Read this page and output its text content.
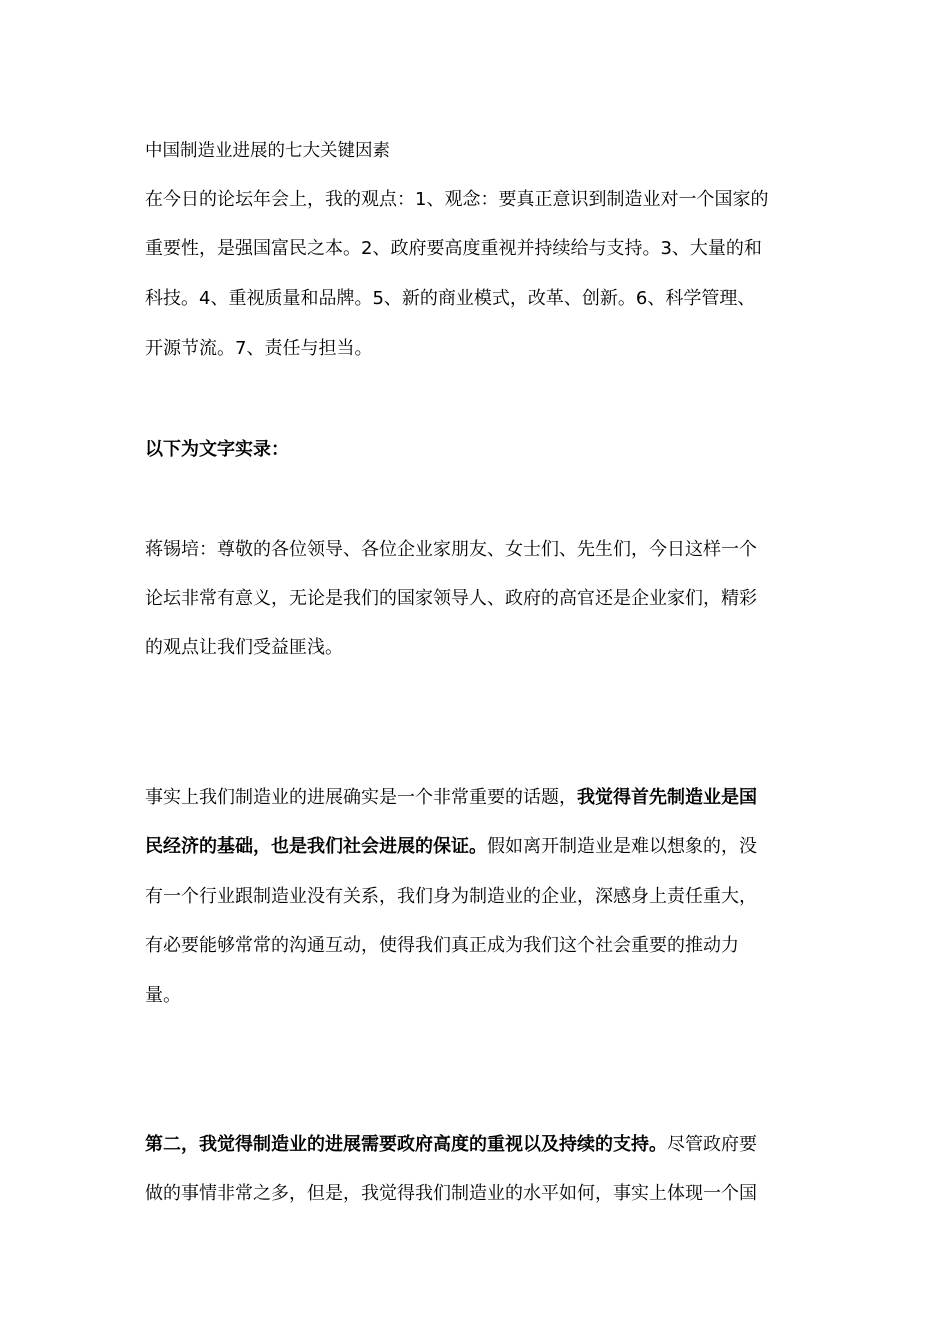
中国制造业进展的七大关键因素

在今日的论坛年会上，我的观点：1、观念：要真正意识到制造业对一个国家的

重要性，是强国富民之本。2、政府要高度重视并持续给与支持。3、大量的和

科技。4、重视质量和品牌。5、新的商业模式，改革、创新。6、科学管理、

开源节流。7、责任与担当。

以下为文字实录：

蒋锡培：尊敬的各位领导、各位企业家朋友、女士们、先生们，今日这样一个

论坛非常有意义，无论是我们的国家领导人、政府的高官还是企业家们，精彩

的观点让我们受益匪浅。

事实上我们制造业的进展确实是一个非常重要的话题，我觉得首先制造业是国

民经济的基础，也是我们社会进展的保证。假如离开制造业是难以想象的，没

有一个行业跟制造业没有关系，我们身为制造业的企业，深感身上责任重大，

有必要能够常常的沟通互动，使得我们真正成为我们这个社会重要的推动力

量。

第二，我觉得制造业的进展需要政府高度的重视以及持续的支持。尽管政府要

做的事情非常之多，但是，我觉得我们制造业的水平如何，事实上体现一个国
